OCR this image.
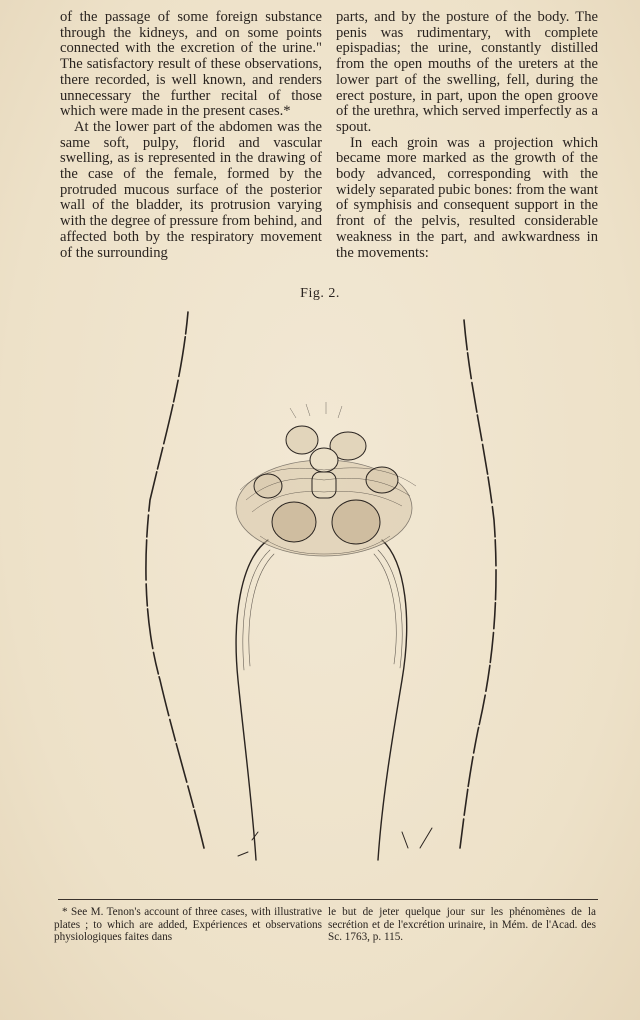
of the passage of some foreign substance through the kidneys, and on some points connected with the excretion of the urine." The satisfactory result of these observations, there recorded, is well known, and renders unnecessary the further recital of those which were made in the present cases.*

At the lower part of the abdomen was the same soft, pulpy, florid and vascular swelling, as is represented in the drawing of the case of the female, formed by the protruded mucous surface of the posterior wall of the bladder, its protrusion varying with the degree of pressure from behind, and affected both by the respiratory movement of the surrounding

parts, and by the posture of the body. The penis was rudimentary, with complete epispadias; the urine, constantly distilled from the open mouths of the ureters at the lower part of the swelling, fell, during the erect posture, in part, upon the open groove of the urethra, which served imperfectly as a spout.

In each groin was a projection which became more marked as the growth of the body advanced, corresponding with the widely separated pubic bones: from the want of symphisis and consequent support in the front of the pelvis, resulted considerable weakness in the part, and awkwardness in the movements:

Fig. 2.

* See M. Tenon's account of three cases, with illustrative plates ; to which are added, Expériences et observations physiologiques faites dans

le but de jeter quelque jour sur les phénomènes de la secrétion et de l'excrétion urinaire, in Mém. de l'Acad. des Sc. 1763, p. 115.
